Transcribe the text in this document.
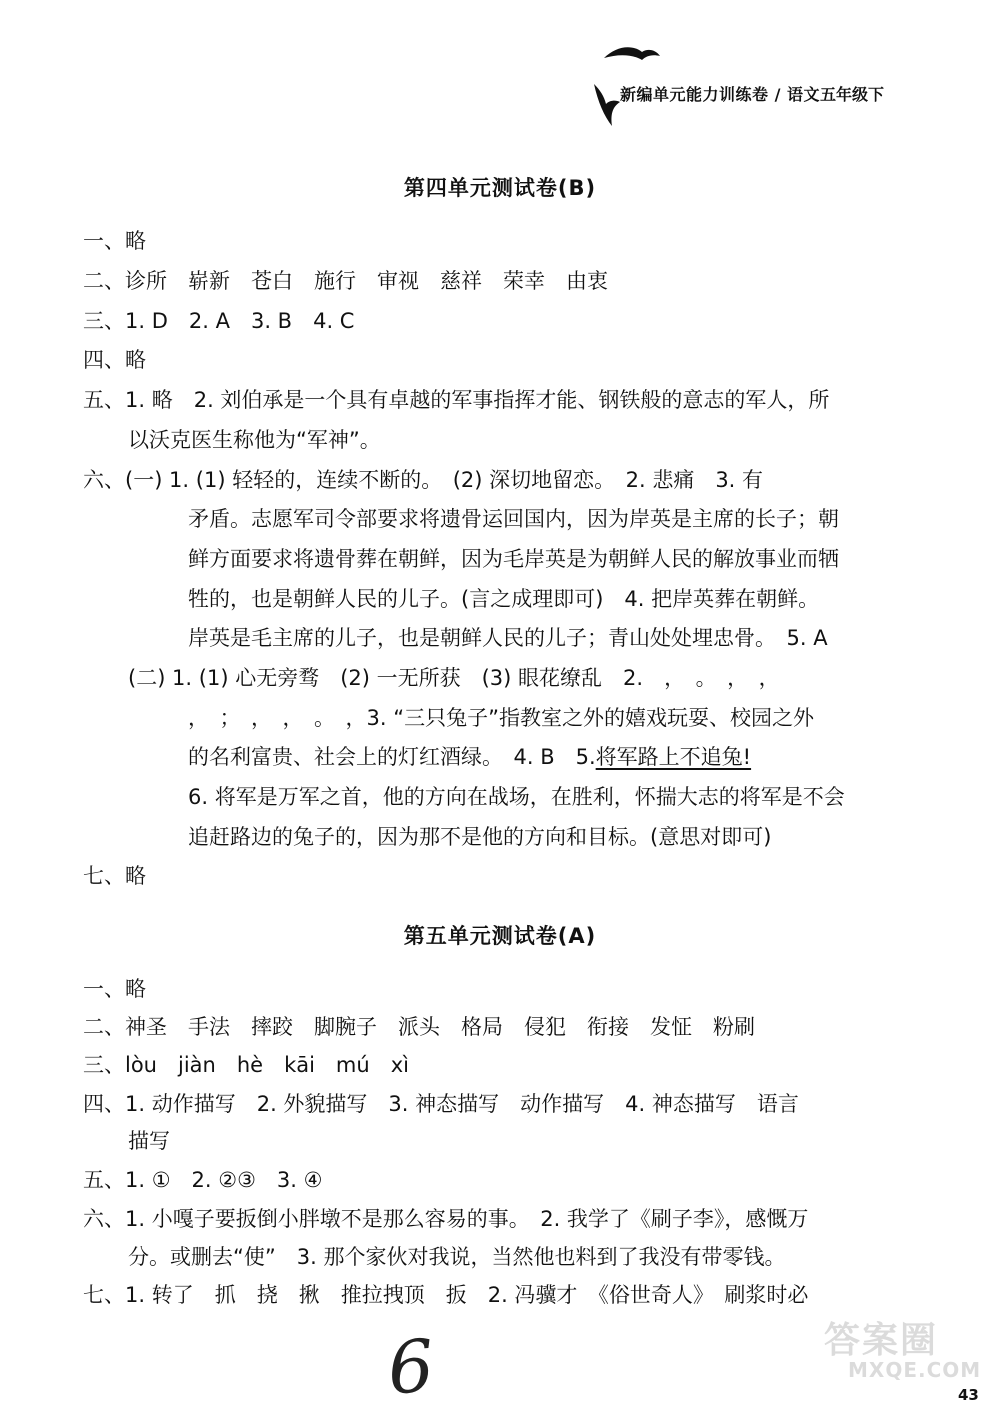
新编单元能力训练卷 / 语文 五年级下
第四单元测试卷(B)
一、略
二、诊所　崭新　苍白　施行　审视　慈祥　荣幸　由衷
三、1. D　2. A　3. B　4. C
四、略
五、1. 略　2. 刘伯承是一个具有卓越的军事指挥才能、钢铁般的意志的军人，所
以沃克医生称他为“军神”。
六、(一) 1. (1) 轻轻的，连续不断的。　(2) 深切地留恋。　2. 悲痛　3. 有
矛盾。志愿军司令部要求将遗骨运回国内，因为岸英是主席的长子；朝
鲜方面要求将遗骨葬在朝鲜，因为毛岸英是为朝鲜人民的解放事业而牺
牲的，也是朝鲜人民的儿子。(言之成理即可)　4. 把岸英葬在朝鲜。
岸英是毛主席的儿子，也是朝鲜人民的儿子；青山处处埋忠骨。　5. A
(二) 1. (1) 心无旁骛　(2) 一无所获　(3) 眼花缭乱　2.　，　。　，　，
，　；　，　，　。　，3. “三只兔子”指教室之外的嬉戏玩耍、校园之外
的名利富贵、社会上的灯红酒绿。　4. B　5.将军路上不追兔!
6. 将军是万军之首，他的方向在战场，在胜利，怀揣大志的将军是不会
追赶路边的兔子的，因为那不是他的方向和目标。(意思对即可)
七、略
第五单元测试卷(A)
一、略
二、神圣　手法　摔跤　脚腕子　派头　格局　侵犯　衔接　发怔　粉刷
三、lòu　jiàn　hè　kāi　mú　xì
四、1. 动作描写　2. 外貌描写　3. 神态描写　动作描写　4. 神态描写　语言
描写
五、1. ①　2. ②③　3. ④
六、1. 小嘎子要扳倒小胖墩不是那么容易的事。　2. 我学了《刷子李》，感慨万
分。或删去“使”　3. 那个家伙对我说，当然他也料到了我没有带零钱。
七、1. 转了　抓　挠　揪　推拉拽顶　扳　2. 冯骥才　《俗世奇人》　刷浆时必
6	答案圈
MXQE.COM
43
